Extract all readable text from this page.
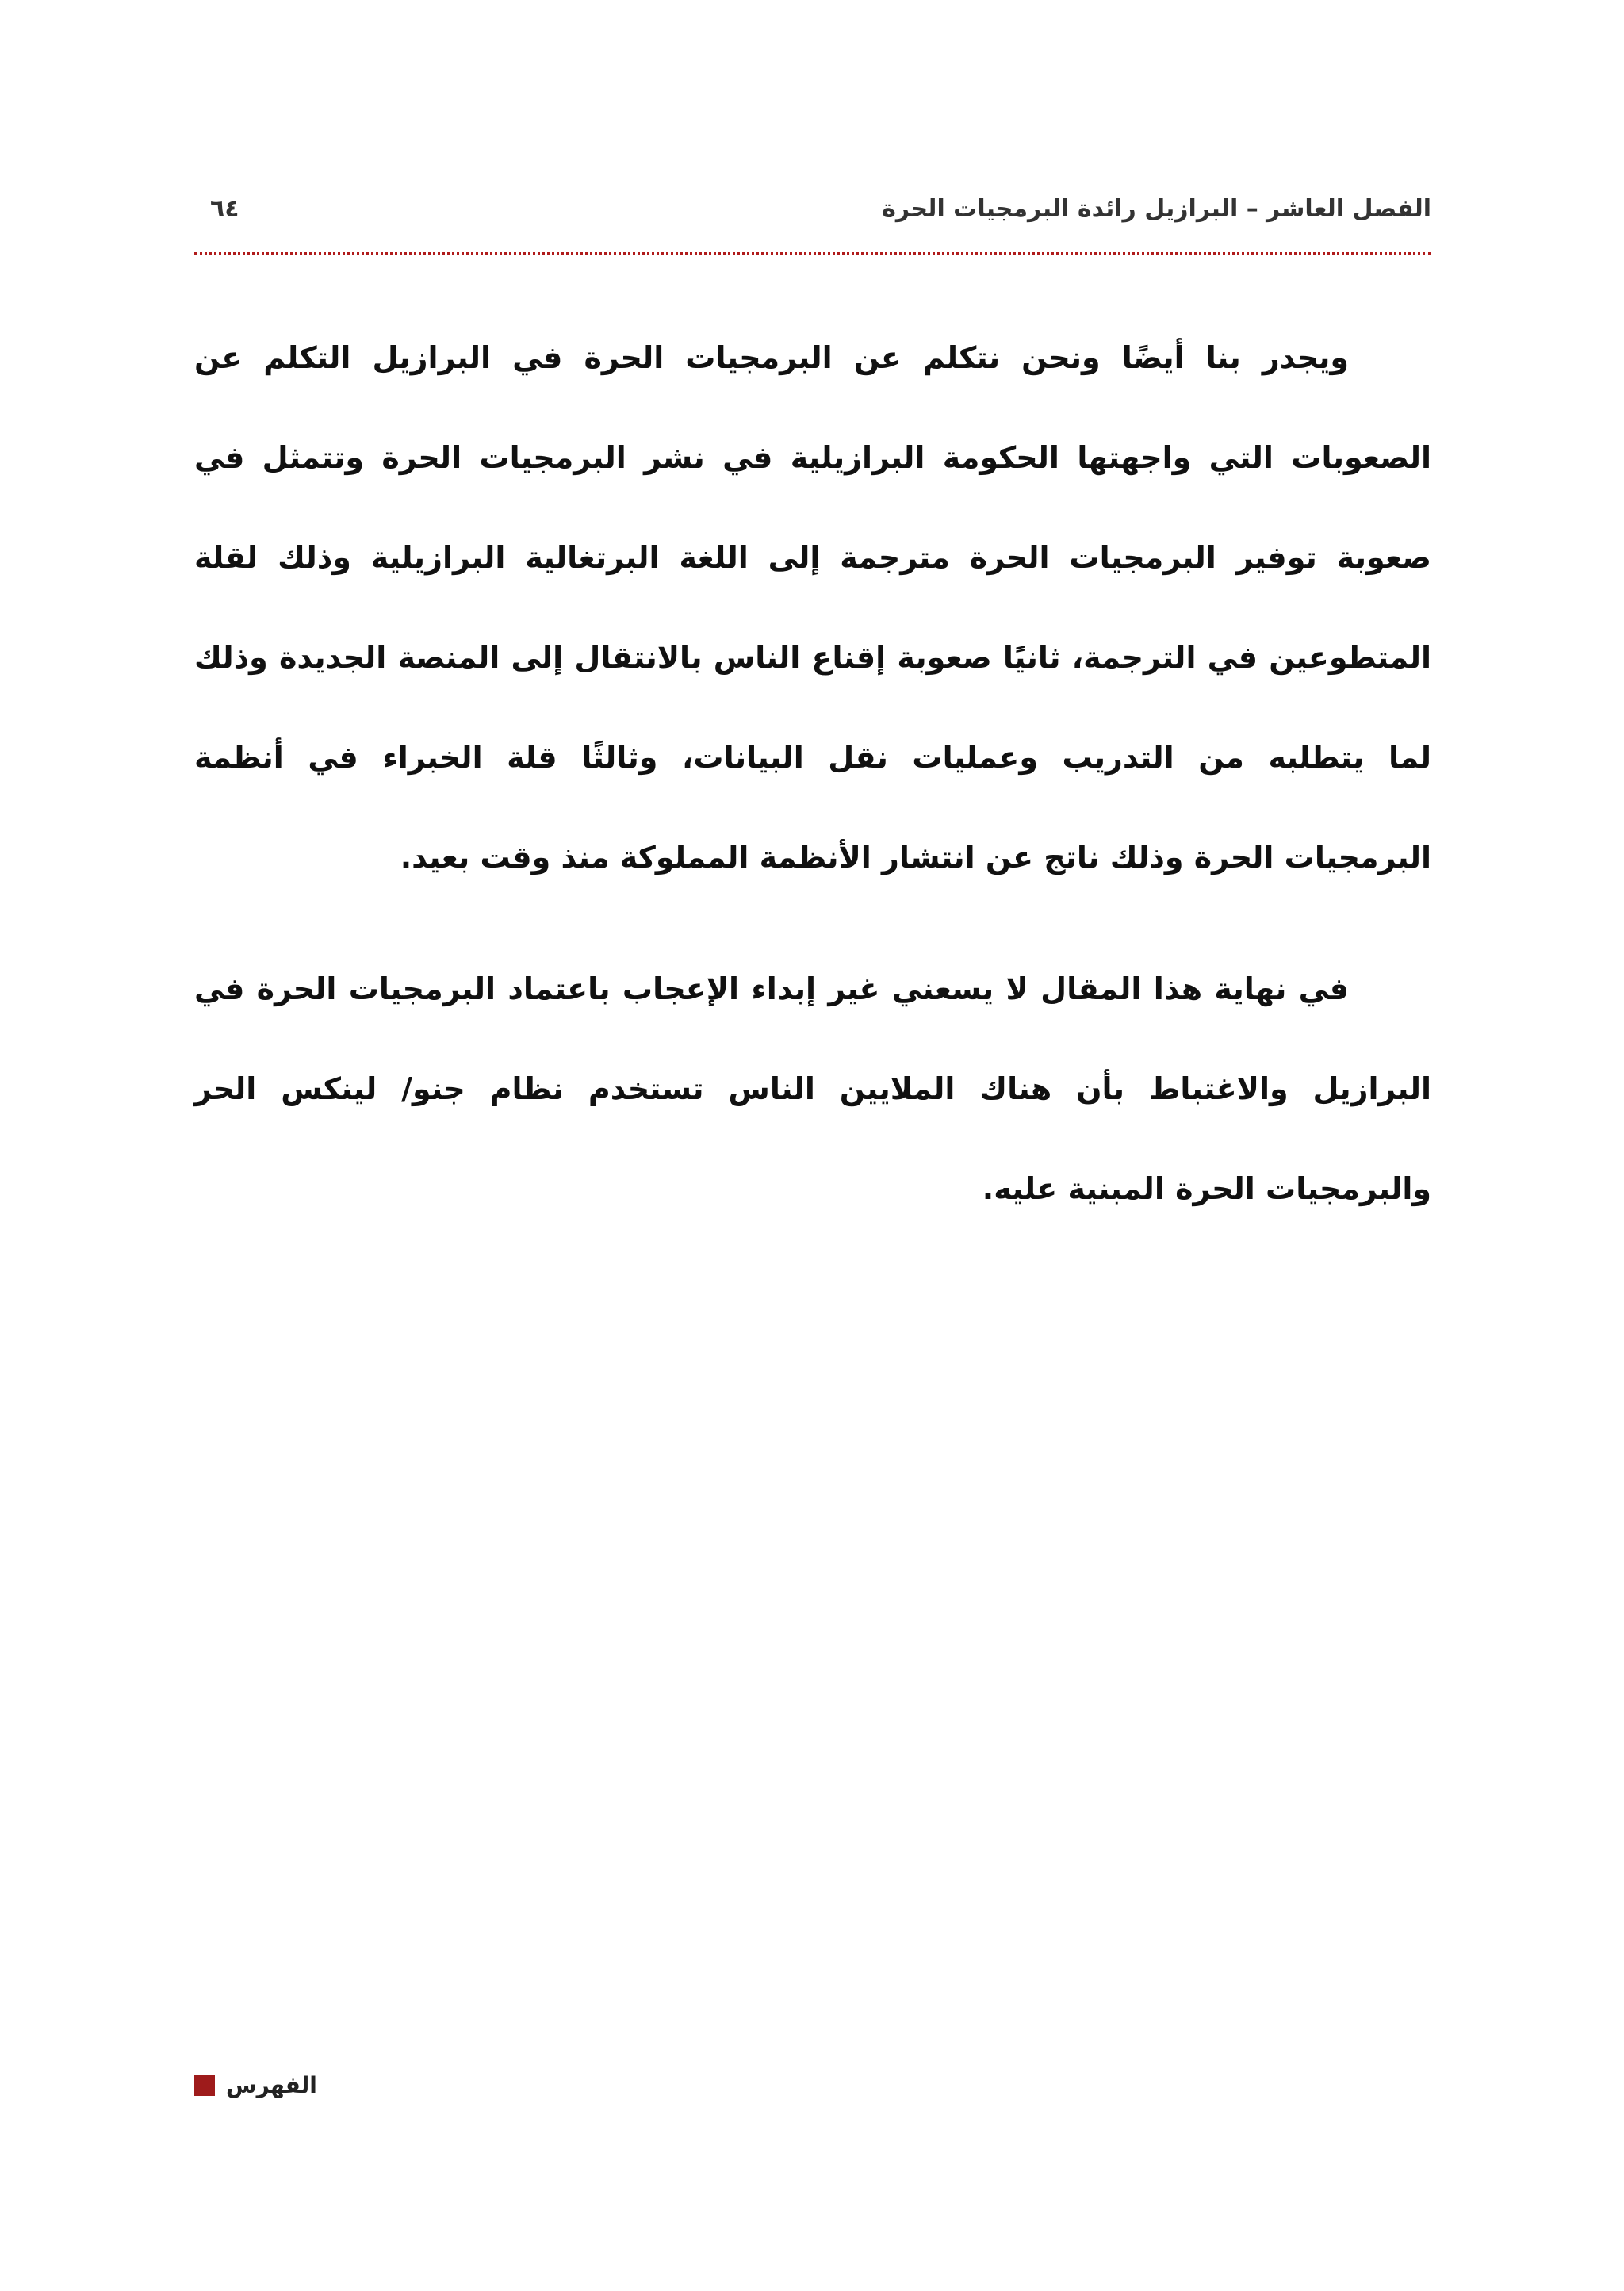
الفصل العاشر – البرازيل رائدة البرمجيات الحرة
٦٤

ويجدر بنا أيضًا ونحن نتكلم عن البرمجيات الحرة في البرازيل التكلم عن الصعوبات التي واجهتها الحكومة البرازيلية في نشر البرمجيات الحرة وتتمثل في صعوبة توفير البرمجيات الحرة مترجمة إلى اللغة البرتغالية البرازيلية وذلك لقلة المتطوعين في الترجمة، ثانيًا صعوبة إقناع الناس بالانتقال إلى المنصة الجديدة وذلك لما يتطلبه من التدريب وعمليات نقل البيانات، وثالثًا قلة الخبراء في أنظمة البرمجيات الحرة وذلك ناتج عن انتشار الأنظمة المملوكة منذ وقت بعيد.

في نهاية هذا المقال لا يسعني غير إبداء الإعجاب باعتماد البرمجيات الحرة في البرازيل والاغتباط بأن هناك الملايين الناس تستخدم نظام جنو/ لينكس الحر والبرمجيات الحرة المبنية عليه.

الفهرس
